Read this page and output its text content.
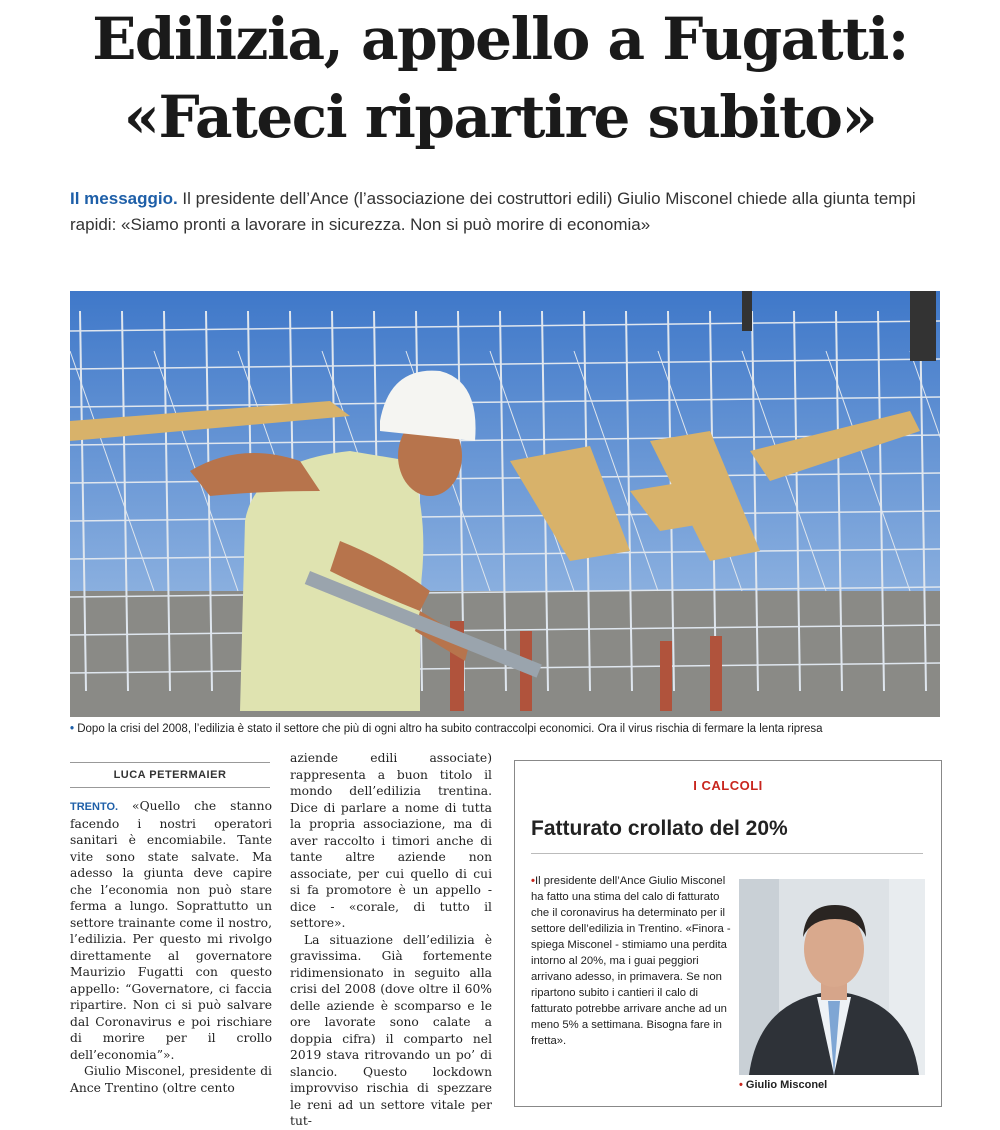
Edilizia, appello a Fugatti:
«Fateci ripartire subito»

Il messaggio. Il presidente dell’Ance (l’associazione dei costruttori edili) Giulio Misconel chiede alla giunta tempi rapidi: «Siamo pronti a lavorare in sicurezza. Non si può morire di economia»

• Dopo la crisi del 2008, l’edilizia è stato il settore che più di ogni altro ha subito contraccolpi economici. Ora il virus rischia di fermare la lenta ripresa
LUCA PETERMAIER

TRENTO. «Quello che stanno facendo i nostri operatori sanitari è encomiabile. Tante vite sono state salvate. Ma adesso la giunta deve capire che l’economia non può stare ferma a lungo. Soprattutto un settore trainante come il nostro, l’edilizia. Per questo mi rivolgo direttamente al governatore Maurizio Fugatti con questo appello: “Governatore, ci faccia ripartire. Non ci si può salvare dal Coronavirus e poi rischiare di morire per il crollo dell’economia”».

Giulio Misconel, presidente di Ance Trentino (oltre cento

aziende edili associate) rappresenta a buon titolo il mondo dell’edilizia trentina. Dice di parlare a nome di tutta la propria associazione, ma di aver raccolto i timori anche di tante altre aziende non associate, per cui quello di cui si fa promotore è un appello - dice - «corale, di tutto il settore».

La situazione dell’edilizia è gravissima. Già fortemente ridimensionato in seguito alla crisi del 2008 (dove oltre il 60% delle aziende è scomparso e le ore lavorate sono calate a doppia cifra) il comparto nel 2019 stava ritrovando un po’ di slancio. Questo lockdown improvviso rischia di spezzare le reni ad un settore vitale per tut-

I CALCOLI
Fatturato crollato del 20%

•Il presidente dell’Ance Giulio Misconel ha fatto una stima del calo di fatturato che il coronavirus ha determinato per il settore dell’edilizia in Trentino. «Finora - spiega Misconel - stimiamo una perdita intorno al 20%, ma i guai peggiori arrivano adesso, in primavera. Se non ripartono subito i cantieri il calo di fatturato potrebbe arrivare anche ad un meno 5% a settimana. Bisogna fare in fretta».

• Giulio Misconel
